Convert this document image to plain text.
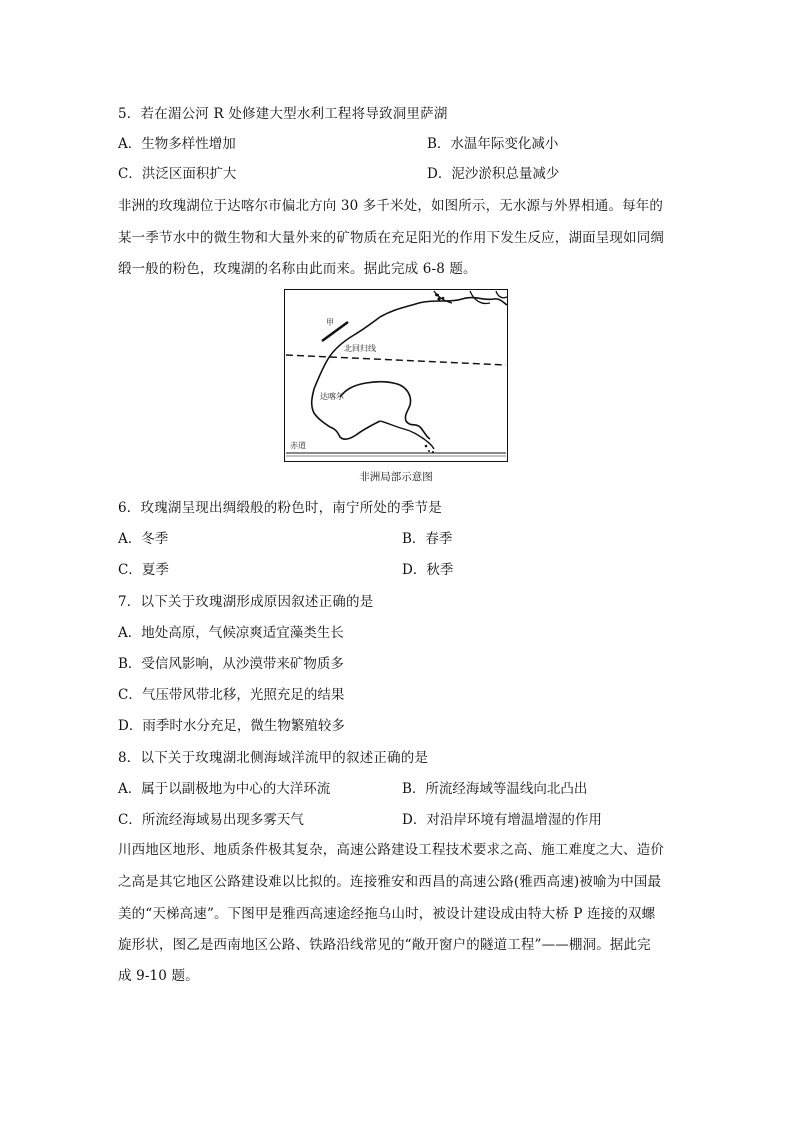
5．若在湄公河 R 处修建大型水利工程将导致洞里萨湖
A．生物多样性增加	B．水温年际变化减小
C．洪泛区面积扩大	D．泥沙淤积总量减少
非洲的玫瑰湖位于达喀尔市偏北方向 30 多千米处，如图所示，无水源与外界相通。每年的
某一季节水中的微生物和大量外来的矿物质在充足阳光的作用下发生反应，湖面呈现如同绸
缎一般的粉色，玫瑰湖的名称由此而来。据此完成 6-8 题。
甲
北回归线
达喀尔
赤道
非洲局部示意图
6．玫瑰湖呈现出绸缎般的粉色时，南宁所处的季节是
A．冬季	B．春季
C．夏季	D．秋季
7．以下关于玫瑰湖形成原因叙述正确的是
A．地处高原，气候凉爽适宜藻类生长
B．受信风影响，从沙漠带来矿物质多
C．气压带风带北移，光照充足的结果
D．雨季时水分充足，微生物繁殖较多
8．以下关于玫瑰湖北侧海域洋流甲的叙述正确的是
A．属于以副极地为中心的大洋环流	B．所流经海域等温线向北凸出
C．所流经海域易出现多雾天气	D．对沿岸环境有增温增湿的作用
川西地区地形、地质条件极其复杂，高速公路建设工程技术要求之高、施工难度之大、造价
之高是其它地区公路建设难以比拟的。连接雅安和西昌的高速公路(雅西高速)被喻为中国最
美的“天梯高速”。下图甲是雅西高速途经拖乌山时，被设计建设成由特大桥 P 连接的双螺
旋形状，图乙是西南地区公路、铁路沿线常见的“敞开窗户的隧道工程”——棚洞。据此完
成 9-10 题。
